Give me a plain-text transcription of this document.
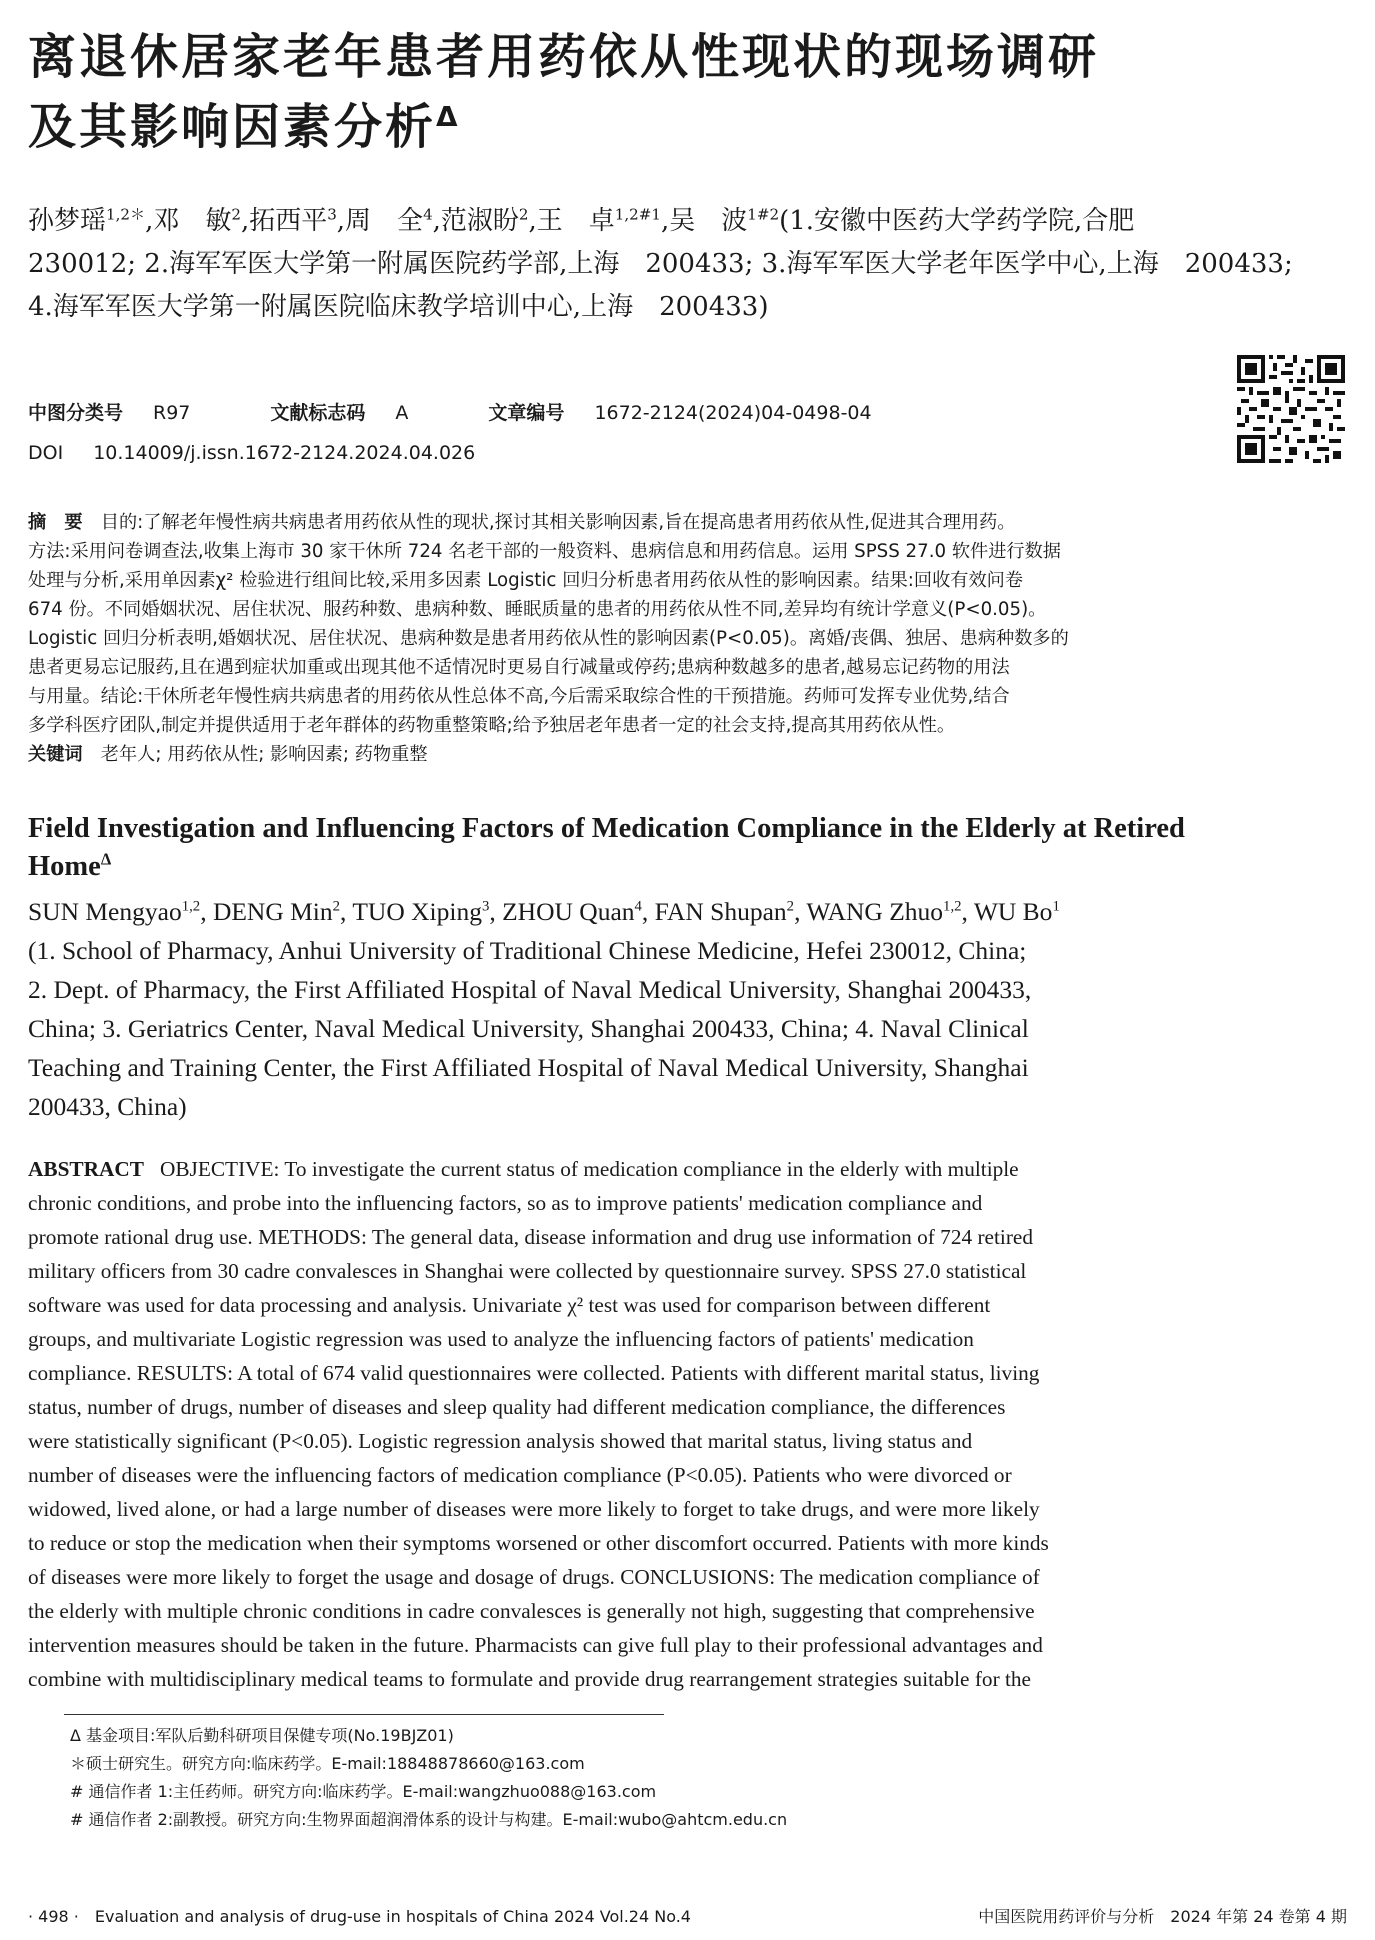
离退休居家老年患者用药依从性现状的现场调研
及其影响因素分析$^\Delta$
孙梦瑶$^{1,2*}$,邓　敏$^2$,拓西平$^3$,周　全$^4$,范淑盼$^2$,王　卓$^{1,2\#1}$,吴　波$^{1\#2}$(1.安徽中医药大学药学院,合肥
230012; 2.海军军医大学第一附属医院药学部,上海　200433; 3.海军军医大学老年医学中心,上海　200433;
4.海军军医大学第一附属医院临床教学培训中心,上海　200433)
中图分类号 R97	文献标志码 A	文章编号 1672-2124(2024)04-0498-04
DOI 10.14009/j.issn.1672-2124.2024.04.026
摘　要　 目的:了解老年慢性病共病患者用药依从性的现状,探讨其相关影响因素,旨在提高患者用药依从性,促进其合理用药。
方法:采用问卷调查法,收集上海市 30 家干休所 724 名老干部的一般资料、患病信息和用药信息。运用 SPSS 27.0 软件进行数据
处理与分析,采用单因素χ² 检验进行组间比较,采用多因素 Logistic 回归分析患者用药依从性的影响因素。结果:回收有效问卷
674 份。不同婚姻状况、居住状况、服药种数、患病种数、睡眠质量的患者的用药依从性不同,差异均有统计学意义(P<0.05)。
Logistic 回归分析表明,婚姻状况、居住状况、患病种数是患者用药依从性的影响因素(P<0.05)。离婚/丧偶、独居、患病种数多的
患者更易忘记服药,且在遇到症状加重或出现其他不适情况时更易自行减量或停药;患病种数越多的患者,越易忘记药物的用法
与用量。结论:干休所老年慢性病共病患者的用药依从性总体不高,今后需采取综合性的干预措施。药师可发挥专业优势,结合
多学科医疗团队,制定并提供适用于老年群体的药物重整策略;给予独居老年患者一定的社会支持,提高其用药依从性。
关键词　 老年人; 用药依从性; 影响因素; 药物重整
Field Investigation and Influencing Factors of Medication Compliance in the Elderly at Retired
Home$^\Delta$
SUN Mengyao$^{1,2}$, DENG Min$^2$, TUO Xiping$^3$, ZHOU Quan$^4$, FAN Shupan$^2$, WANG Zhuo$^{1,2}$, WU Bo$^1$
(1. School of Pharmacy, Anhui University of Traditional Chinese Medicine, Hefei 230012, China;
2. Dept. of Pharmacy, the First Affiliated Hospital of Naval Medical University, Shanghai 200433,
China; 3. Geriatrics Center, Naval Medical University, Shanghai 200433, China; 4. Naval Clinical
Teaching and Training Center, the First Affiliated Hospital of Naval Medical University, Shanghai
200433, China)
ABSTRACT OBJECTIVE: To investigate the current status of medication compliance in the elderly with multiple
chronic conditions, and probe into the influencing factors, so as to improve patients' medication compliance and
promote rational drug use. METHODS: The general data, disease information and drug use information of 724 retired
military officers from 30 cadre convalesces in Shanghai were collected by questionnaire survey. SPSS 27.0 statistical
software was used for data processing and analysis. Univariate χ² test was used for comparison between different
groups, and multivariate Logistic regression was used to analyze the influencing factors of patients' medication
compliance. RESULTS: A total of 674 valid questionnaires were collected. Patients with different marital status, living
status, number of drugs, number of diseases and sleep quality had different medication compliance, the differences
were statistically significant (P<0.05). Logistic regression analysis showed that marital status, living status and
number of diseases were the influencing factors of medication compliance (P<0.05). Patients who were divorced or
widowed, lived alone, or had a large number of diseases were more likely to forget to take drugs, and were more likely
to reduce or stop the medication when their symptoms worsened or other discomfort occurred. Patients with more kinds
of diseases were more likely to forget the usage and dosage of drugs. CONCLUSIONS: The medication compliance of
the elderly with multiple chronic conditions in cadre convalesces is generally not high, suggesting that comprehensive
intervention measures should be taken in the future. Pharmacists can give full play to their professional advantages and
combine with multidisciplinary medical teams to formulate and provide drug rearrangement strategies suitable for the
Δ 基金项目:军队后勤科研项目保健专项(No.19BJZ01)
＊硕士研究生。研究方向:临床药学。E-mail:18848878660@163.com
# 通信作者 1:主任药师。研究方向:临床药学。E-mail:wangzhuo088@163.com
# 通信作者 2:副教授。研究方向:生物界面超润滑体系的设计与构建。E-mail:wubo@ahtcm.edu.cn
· 498 ·　Evaluation and analysis of drug-use in hospitals of China 2024 Vol.24 No.4	中国医院用药评价与分析　2024 年第 24 卷第 4 期
